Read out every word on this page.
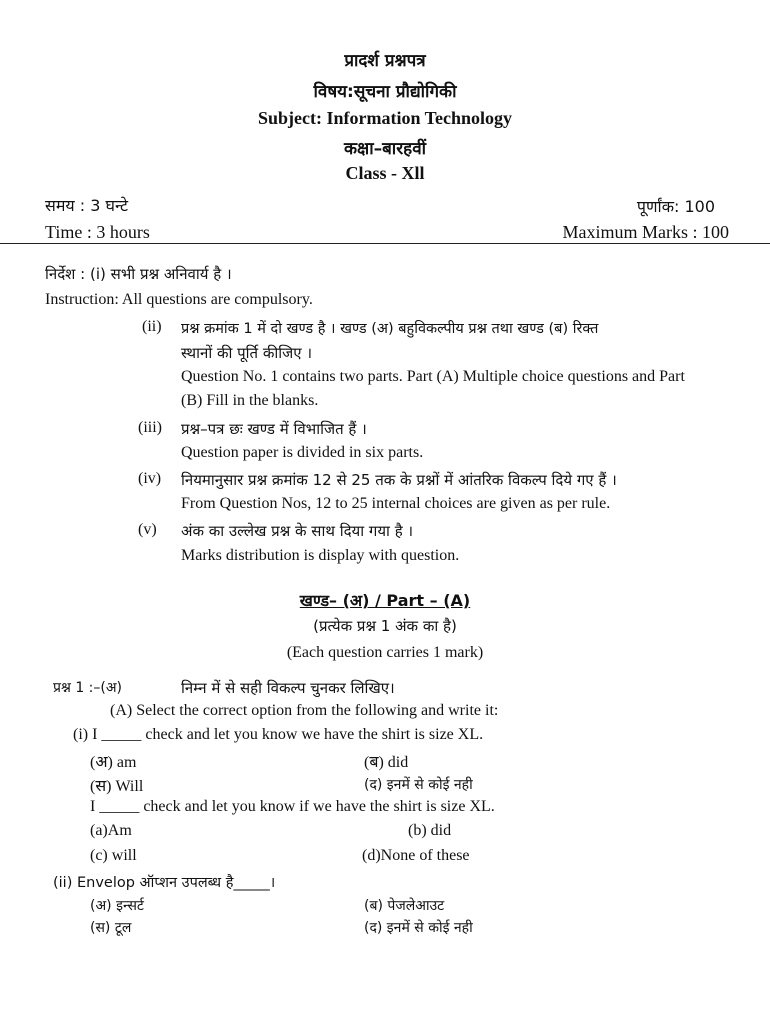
प्रादर्श प्रश्नपत्र
विषय:सूचना प्रौद्योगिकी
Subject: Information Technology
कक्षा–बारहवीं
Class - Xll
समय : 3 घन्टे	पूर्णांक: 100
Time : 3 hours	Maximum Marks : 100
निर्देश : (i) सभी प्रश्न अनिवार्य है ।
Instruction: All questions are compulsory.
(ii) प्रश्न क्रमांक 1 में दो खण्ड है । खण्ड (अ) बहुविकल्पीय प्रश्न तथा खण्ड (ब) रिक्त
स्थानों की पूर्ति कीजिए ।
Question No. 1 contains two parts. Part (A) Multiple choice questions and Part
(B) Fill in the blanks.
(iii) प्रश्न–पत्र छः खण्ड में विभाजित हैं ।
Question paper is divided in six parts.
(iv) नियमानुसार प्रश्न क्रमांक 12 से 25 तक के प्रश्नों में आंतरिक विकल्प दिये गए हैं ।
From Question Nos, 12 to 25 internal choices are given as per rule.
(v) अंक का उल्लेख प्रश्न के साथ दिया गया है ।
Marks distribution is display with question.
खण्ड– (अ) / Part – (A)
(प्रत्येक प्रश्न 1 अंक का है)
(Each question carries 1 mark)
प्रश्न 1 :–(अ)	निम्न में से सही विकल्प चुनकर लिखिए।
(A) Select the correct option from the following and write it:
(i) I _____ check and let you know we have the shirt is size XL.
(अ) am	(ब) did
(स) Will	(द) इनमें से कोई नही
I _____ check and let you know if we have the shirt is size XL.
(a)Am	(b) did
(c) will	(d)None of these
(ii) Envelop ऑप्शन उपलब्ध है_____।
(अ) इन्सर्ट	(ब) पेजलेआउट
(स) टूल	(द) इनमें से कोई नही
